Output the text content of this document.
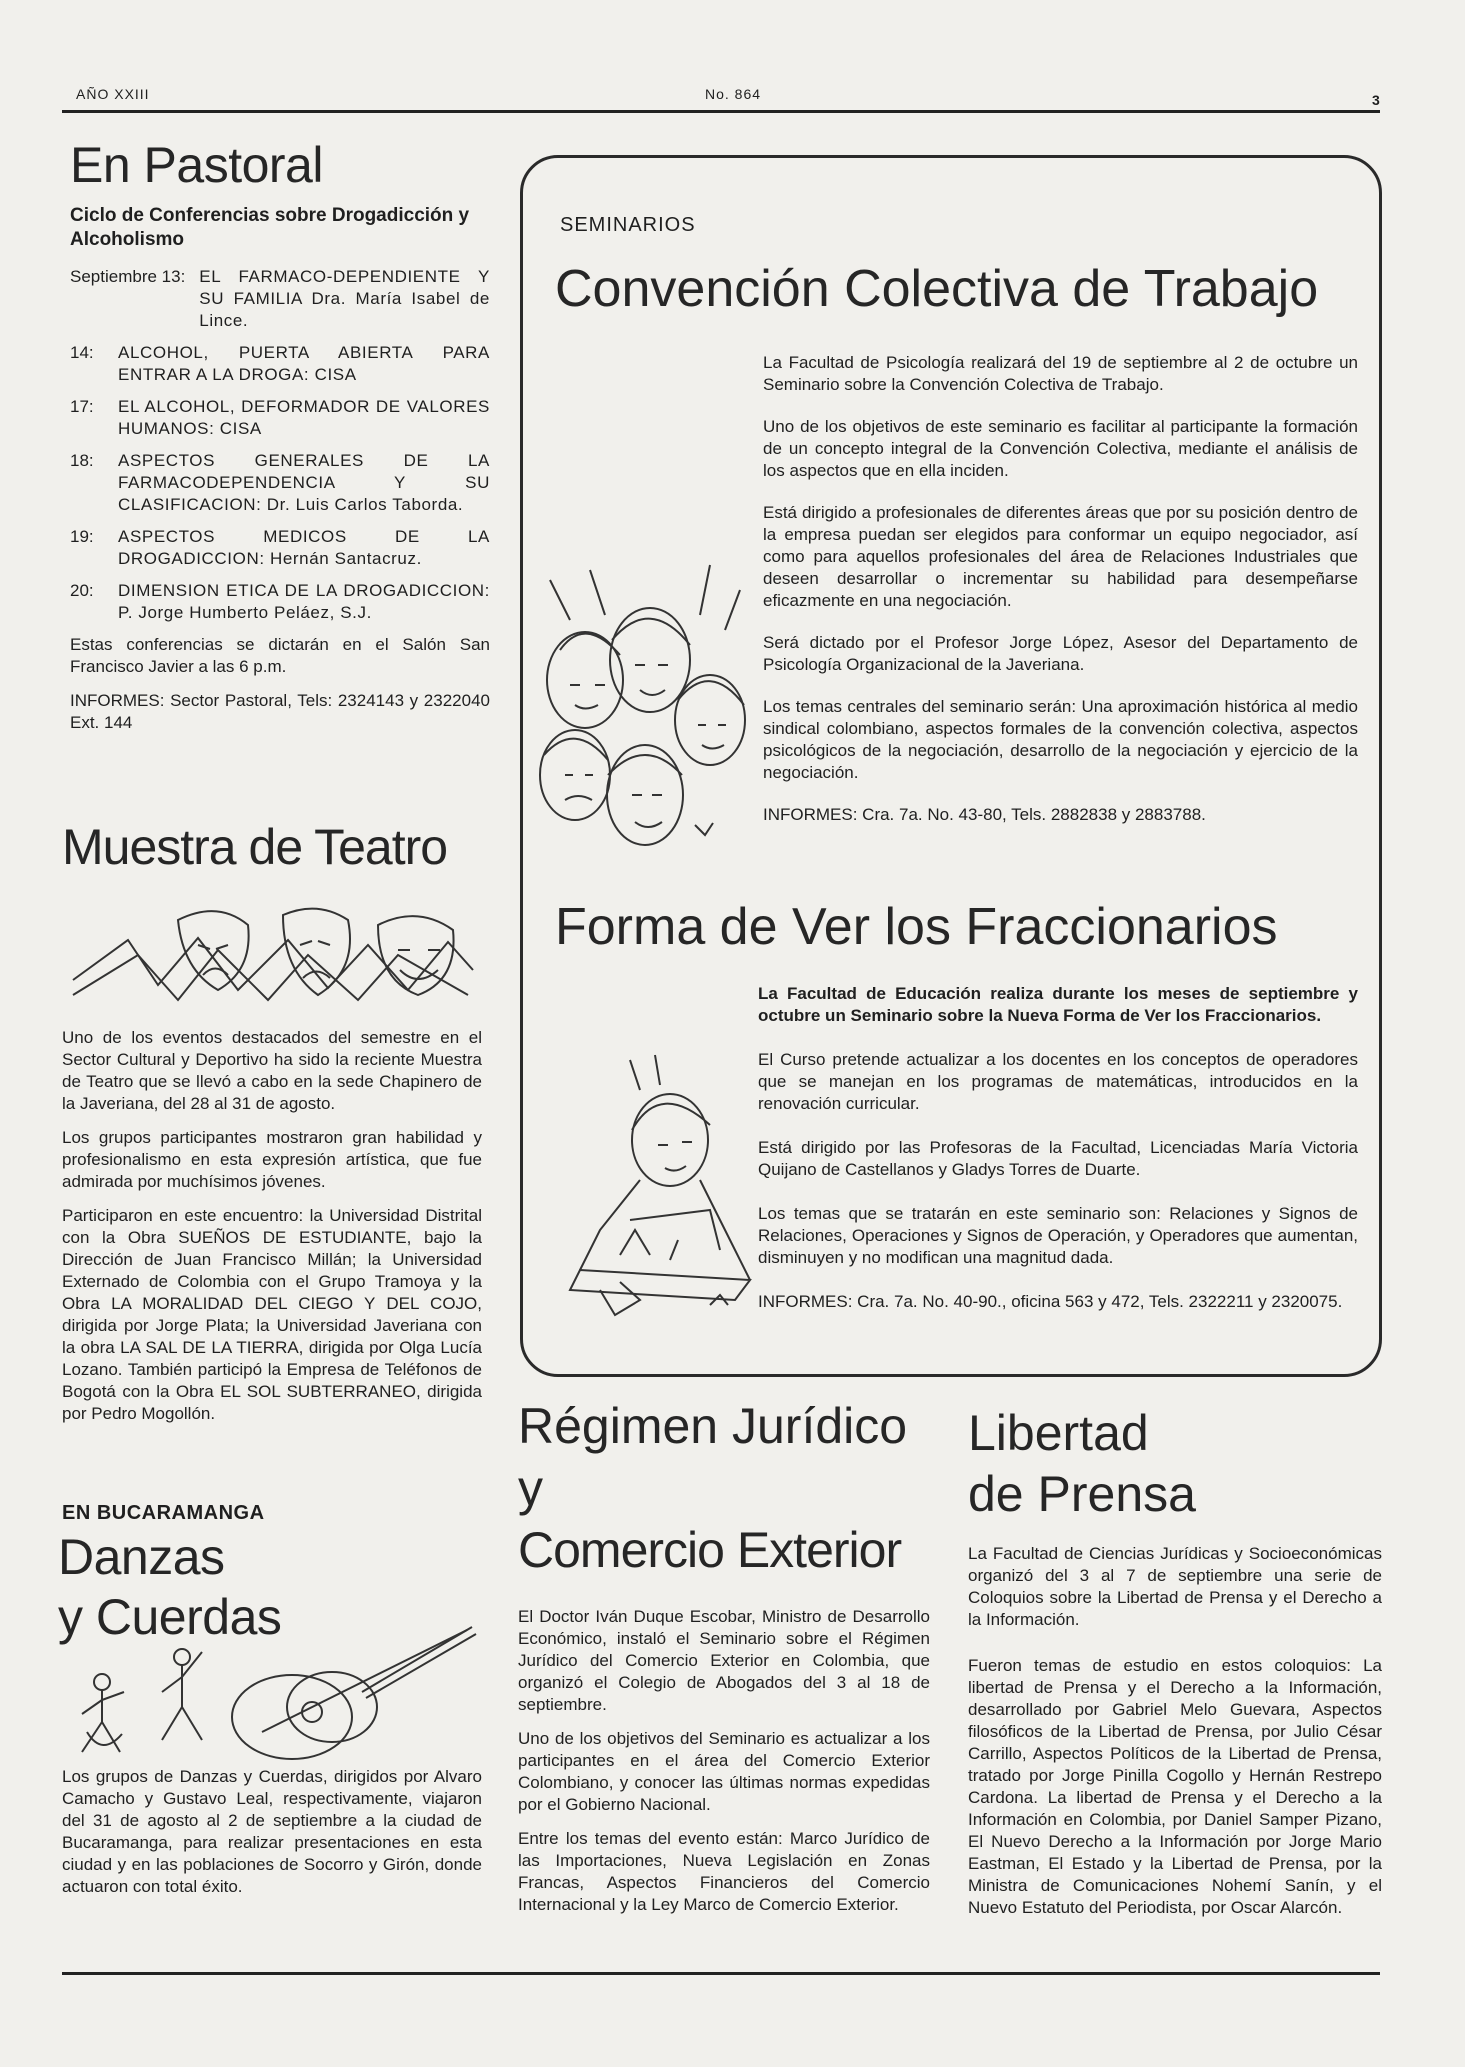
AÑO XXIII	No. 864	3
En Pastoral
Ciclo de Conferencias sobre Drogadicción y Alcoholismo
Septiembre 13: EL FARMACO-DEPENDIENTE Y SU FAMILIA Dra. María Isabel de Lince.
14:	ALCOHOL, PUERTA ABIERTA PARA ENTRAR A LA DROGA: CISA
17:	EL ALCOHOL, DEFORMADOR DE VALORES HUMANOS: CISA
18:	ASPECTOS GENERALES DE LA FARMACODEPENDENCIA Y SU CLASIFICACION: Dr. Luis Carlos Taborda.
19:	ASPECTOS MEDICOS DE LA DROGADICCION: Hernán Santacruz.
20:	DIMENSION ETICA DE LA DROGADICCION: P. Jorge Humberto Peláez, S.J.

Estas conferencias se dictarán en el Salón San Francisco Javier a las 6 p.m.

INFORMES: Sector Pastoral, Tels: 2324143 y 2322040 Ext. 144

Muestra de Teatro

Uno de los eventos destacados del semestre en el Sector Cultural y Deportivo ha sido la reciente Muestra de Teatro que se llevó a cabo en la sede Chapinero de la Javeriana, del 28 al 31 de agosto.

Los grupos participantes mostraron gran habilidad y profesionalismo en esta expresión artística, que fue admirada por muchísimos jóvenes.

Participaron en este encuentro: la Universidad Distrital con la Obra SUEÑOS DE ESTUDIANTE, bajo la Dirección de Juan Francisco Millán; la Universidad Externado de Colombia con el Grupo Tramoya y la Obra LA MORALIDAD DEL CIEGO Y DEL COJO, dirigida por Jorge Plata; la Universidad Javeriana con la obra LA SAL DE LA TIERRA, dirigida por Olga Lucía Lozano. También participó la Empresa de Teléfonos de Bogotá con la Obra EL SOL SUBTERRANEO, dirigida por Pedro Mogollón.

EN BUCARAMANGA
Danzas
y Cuerdas

Los grupos de Danzas y Cuerdas, dirigidos por Alvaro Camacho y Gustavo Leal, respectivamente, viajaron del 31 de agosto al 2 de septiembre a la ciudad de Bucaramanga, para realizar presentaciones en esta ciudad y en las poblaciones de Socorro y Girón, donde actuaron con total éxito.

SEMINARIOS
Convención Colectiva de Trabajo

La Facultad de Psicología realizará del 19 de septiembre al 2 de octubre un Seminario sobre la Convención Colectiva de Trabajo.

Uno de los objetivos de este seminario es facilitar al participante la formación de un concepto integral de la Convención Colectiva, mediante el análisis de los aspectos que en ella inciden.

Está dirigido a profesionales de diferentes áreas que por su posición dentro de la empresa puedan ser elegidos para conformar un equipo negociador, así como para aquellos profesionales del área de Relaciones Industriales que deseen desarrollar o incrementar su habilidad para desempeñarse eficazmente en una negociación.

Será dictado por el Profesor Jorge López, Asesor del Departamento de Psicología Organizacional de la Javeriana.

Los temas centrales del seminario serán: Una aproximación histórica al medio sindical colombiano, aspectos formales de la convención colectiva, aspectos psicológicos de la negociación, desarrollo de la negociación y ejercicio de la negociación.

INFORMES: Cra. 7a. No. 43-80, Tels. 2882838 y 2883788.

Forma de Ver los Fraccionarios

La Facultad de Educación realiza durante los meses de septiembre y octubre un Seminario sobre la Nueva Forma de Ver los Fraccionarios.

El Curso pretende actualizar a los docentes en los conceptos de operadores que se manejan en los programas de matemáticas, introducidos en la renovación curricular.

Está dirigido por las Profesoras de la Facultad, Licenciadas María Victoria Quijano de Castellanos y Gladys Torres de Duarte.

Los temas que se tratarán en este seminario son: Relaciones y Signos de Relaciones, Operaciones y Signos de Operación, y Operadores que aumentan, disminuyen y no modifican una magnitud dada.

INFORMES: Cra. 7a. No. 40-90., oficina 563 y 472, Tels. 2322211 y 2320075.

Régimen Jurídico
y
Comercio Exterior

El Doctor Iván Duque Escobar, Ministro de Desarrollo Económico, instaló el Seminario sobre el Régimen Jurídico del Comercio Exterior en Colombia, que organizó el Colegio de Abogados del 3 al 18 de septiembre.

Uno de los objetivos del Seminario es actualizar a los participantes en el área del Comercio Exterior Colombiano, y conocer las últimas normas expedidas por el Gobierno Nacional.

Entre los temas del evento están: Marco Jurídico de las Importaciones, Nueva Legislación en Zonas Francas, Aspectos Financieros del Comercio Internacional y la Ley Marco de Comercio Exterior.

Libertad
de Prensa

La Facultad de Ciencias Jurídicas y Socioeconómicas organizó del 3 al 7 de septiembre una serie de Coloquios sobre la Libertad de Prensa y el Derecho a la Información.

Fueron temas de estudio en estos coloquios: La libertad de Prensa y el Derecho a la Información, desarrollado por Gabriel Melo Guevara, Aspectos filosóficos de la Libertad de Prensa, por Julio César Carrillo, Aspectos Políticos de la Libertad de Prensa, tratado por Jorge Pinilla Cogollo y Hernán Restrepo Cardona. La libertad de Prensa y el Derecho a la Información en Colombia, por Daniel Samper Pizano, El Nuevo Derecho a la Información por Jorge Mario Eastman, El Estado y la Libertad de Prensa, por la Ministra de Comunicaciones Nohemí Sanín, y el Nuevo Estatuto del Periodista, por Oscar Alarcón.
